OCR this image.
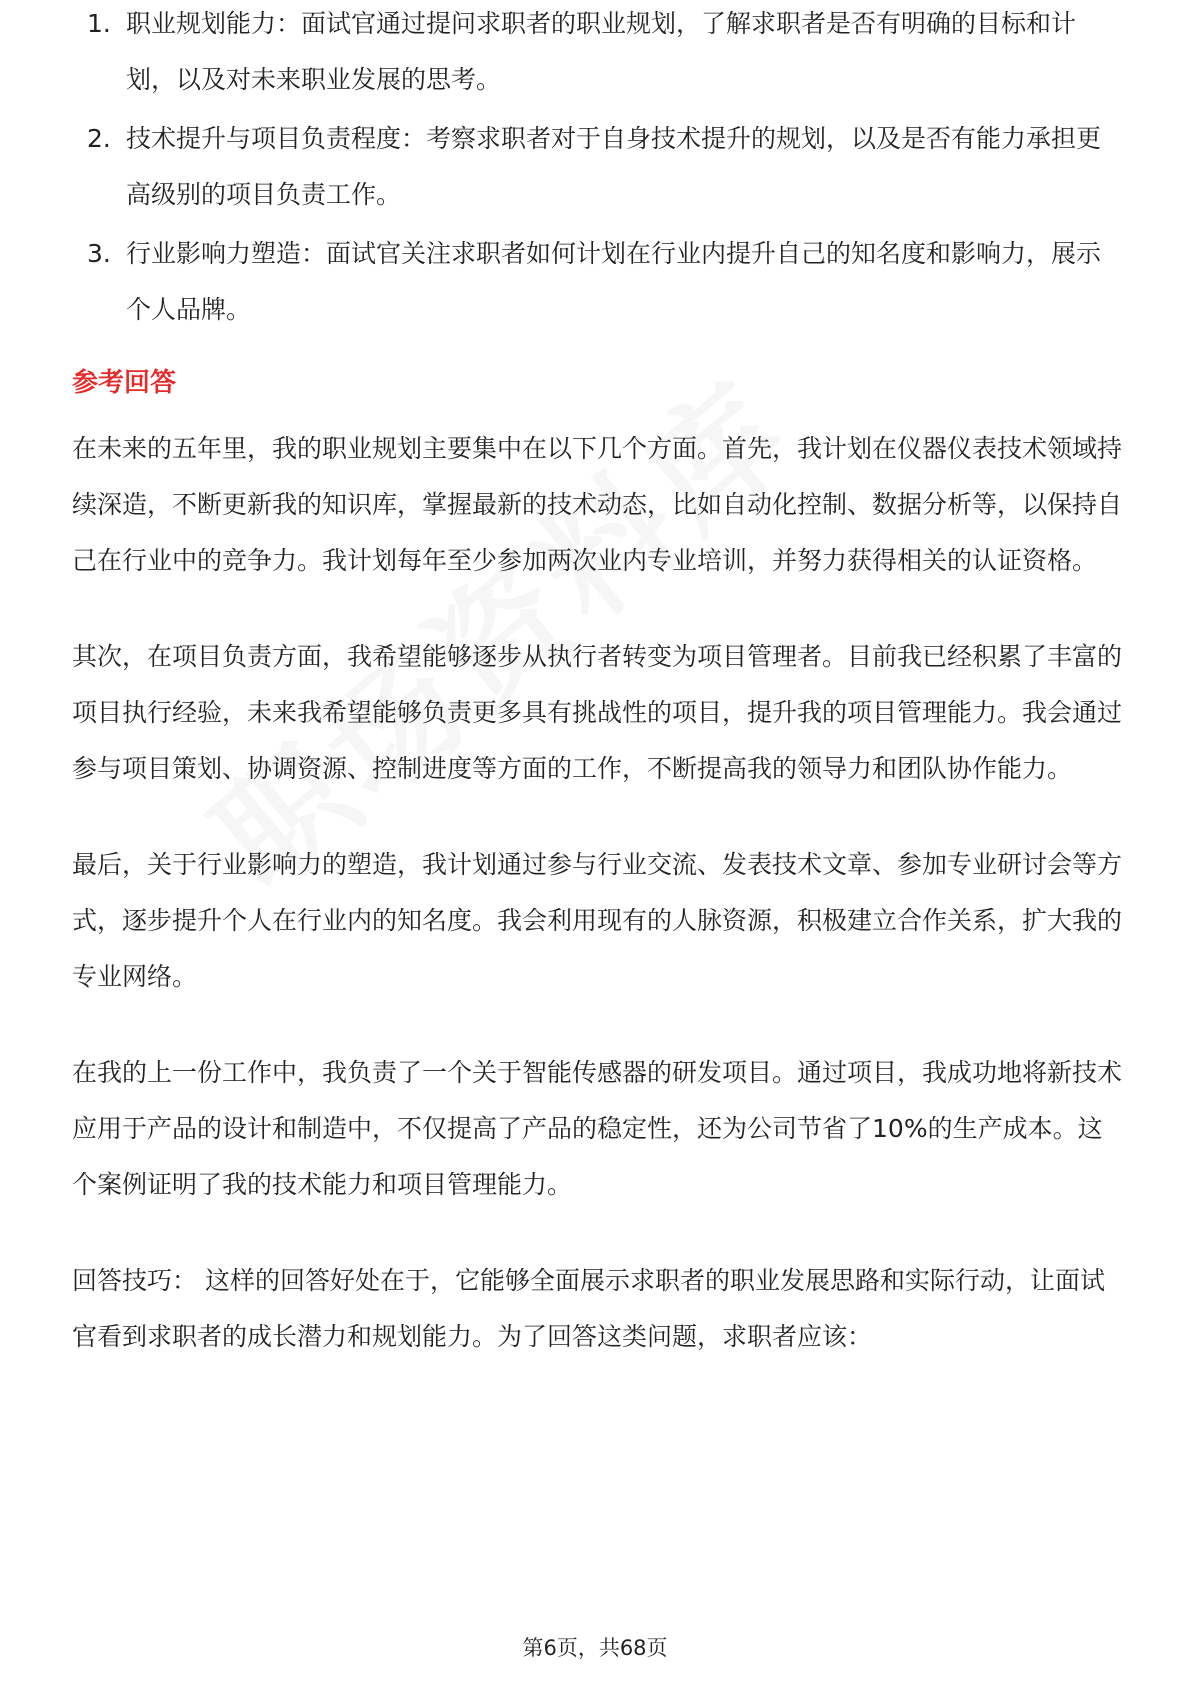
1. 职业规划能力：面试官通过提问求职者的职业规划，了解求职者是否有明确的目标和计划，以及对未来职业发展的思考。
2. 技术提升与项目负责程度：考察求职者对于自身技术提升的规划，以及是否有能力承担更高级别的项目负责工作。
3. 行业影响力塑造：面试官关注求职者如何计划在行业内提升自己的知名度和影响力，展示个人品牌。
参考回答

在未来的五年里，我的职业规划主要集中在以下几个方面。首先，我计划在仪器仪表技术领域持续深造，不断更新我的知识库，掌握最新的技术动态，比如自动化控制、数据分析等，以保持自己在行业中的竞争力。我计划每年至少参加两次业内专业培训，并努力获得相关的认证资格。

其次，在项目负责方面，我希望能够逐步从执行者转变为项目管理者。目前我已经积累了丰富的项目执行经验，未来我希望能够负责更多具有挑战性的项目，提升我的项目管理能力。我会通过参与项目策划、协调资源、控制进度等方面的工作，不断提高我的领导力和团队协作能力。

最后，关于行业影响力的塑造，我计划通过参与行业交流、发表技术文章、参加专业研讨会等方式，逐步提升个人在行业内的知名度。我会利用现有的人脉资源，积极建立合作关系，扩大我的专业网络。

在我的上一份工作中，我负责了一个关于智能传感器的研发项目。通过项目，我成功地将新技术应用于产品的设计和制造中，不仅提高了产品的稳定性，还为公司节省了10%的生产成本。这个案例证明了我的技术能力和项目管理能力。

回答技巧： 这样的回答好处在于，它能够全面展示求职者的职业发展思路和实际行动，让面试官看到求职者的成长潜力和规划能力。为了回答这类问题，求职者应该：

第6页，共68页
